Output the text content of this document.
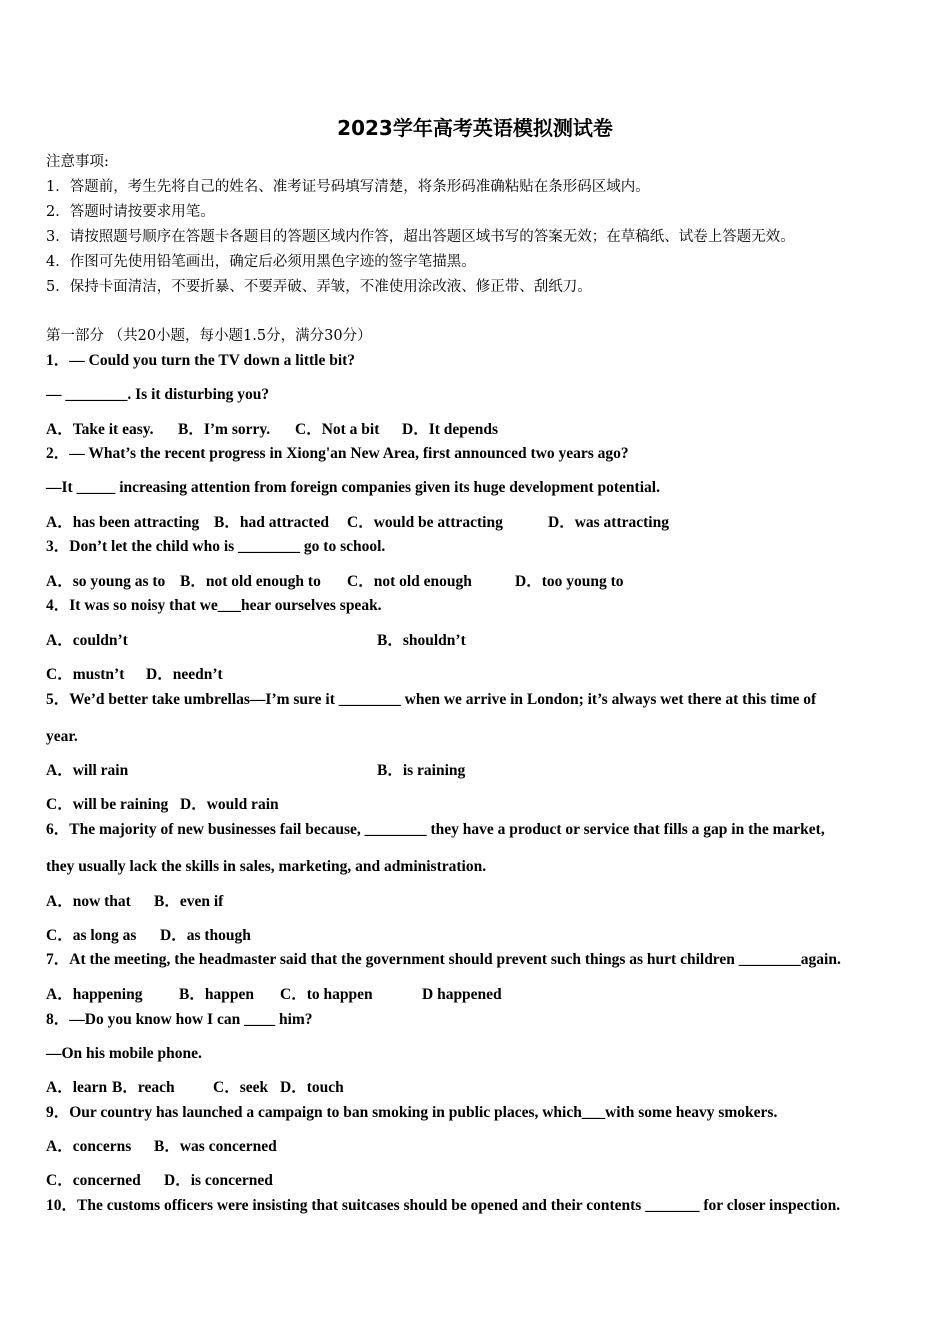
2023学年高考英语模拟测试卷
注意事项:
1．答题前，考生先将自己的姓名、准考证号码填写清楚，将条形码准确粘贴在条形码区域内。
2．答题时请按要求用笔。
3．请按照题号顺序在答题卡各题目的答题区域内作答，超出答题区域书写的答案无效；在草稿纸、试卷上答题无效。
4．作图可先使用铅笔画出，确定后必须用黑色字迹的签字笔描黑。
5．保持卡面清洁，不要折暴、不要弄破、弄皱，不准使用涂改液、修正带、刮纸刀。
第一部分 （共20小题，每小题1.5分，满分30分）
1．— Could you turn the TV down a little bit?
— ________. Is it disturbing you?
A．Take it easy. B．I’m sorry. C．Not a bit D．It depends
2．— What’s the recent progress in Xiong'an New Area, first announced two years ago?
—It _____ increasing attention from foreign companies given its huge development potential.
A．has been attracting B．had attracted C．would be attracting	D．was attracting
3．Don’t let the child who is ________ go to school.
A．so young as to B．not old enough to C．not old enough	D．too young to
4．It was so noisy that we___hear ourselves speak.
A．couldn’t	B．shouldn’t
C．mustn’t D．needn’t
5．We’d better take umbrellas—I’m sure it ________ when we arrive in London; it’s always wet there at this time of
year.
A．will rain	B．is raining
C．will be raining D．would rain
6．The majority of new businesses fail because, ________ they have a product or service that fills a gap in the market,
they usually lack the skills in sales, marketing, and administration.
A．now that B．even if
C．as long as D．as though
7．At the meeting, the headmaster said that the government should prevent such things as hurt children ________again.
A．happening B．happen C．to happen	D happened
8．—Do you know how I can ____ him?
—On his mobile phone.
A．learn B．reach C．seek D．touch
9．Our country has launched a campaign to ban smoking in public places, which___with some heavy smokers.
A．concerns B．was concerned
C．concerned D．is concerned
10．The customs officers were insisting that suitcases should be opened and their contents _______ for closer inspection.
